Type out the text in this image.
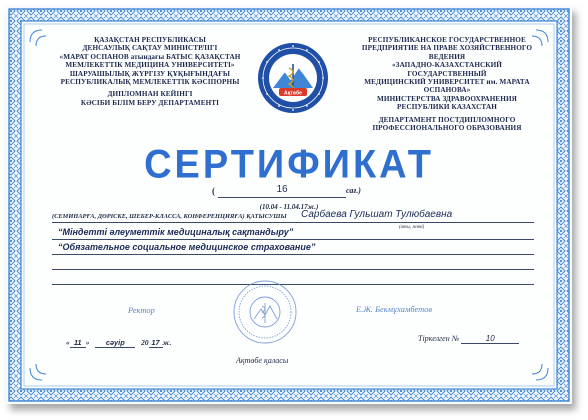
ҚАЗАҚСТАН РЕСПУБЛИКАСЫ
ДЕНСАУЛЫҚ САҚТАУ МИНИСТРЛІГІ
«МАРАТ ОСПАНОВ атындағы БАТЫС ҚАЗАҚСТАН
МЕМЛЕКЕТТІК МЕДИЦИНА УНИВЕРСИТЕТІ»
ШАРУАШЫЛЫҚ ЖҮРГІЗУ ҚҰҚЫҒЫНДАҒЫ
РЕСПУБЛИКАЛЫҚ МЕМЛЕКЕТТІК КӘСІПОРНЫ
ДИПЛОМНАН КЕЙІНГІ
КӘСІБИ БІЛІМ БЕРУ ДЕПАРТАМЕНТІ
Ақтөбе
РЕСПУБЛИКАНСКОЕ ГОСУДАРСТВЕННОЕ
ПРЕДПРИЯТИЕ НА ПРАВЕ ХОЗЯЙСТВЕННОГО ВЕДЕНИЯ
«ЗАПАДНО-КАЗАХСТАНСКИЙ ГОСУДАРСТВЕННЫЙ
МЕДИЦИНСКИЙ УНИВЕРСИТЕТ им. МАРАТА ОСПАНОВА»
МИНИСТЕРСТВА ЗДРАВООХРАНЕНИЯ
РЕСПУБЛИКИ КАЗАХСТАН
ДЕПАРТАМЕНТ ПОСТДИПЛОМНОГО
ПРОФЕССИОНАЛЬНОГО ОБРАЗОВАНИЯ
СЕРТИФИКАТ
(	16	сағ.)
(10.04 - 11.04.17ж.)
(СЕМИНАРҒА, ДӨРІСКЕ, ШЕБЕР-КЛАССА, КОНФЕРЕНЦИЯҒА) ҚАТЫСУШЫ Сарбаева Гульшат Тулюбаевна
(аты, жөні)
“Міндетті әлеуметтік медициналық сақтандыру”
“Обязательное социальное медицинское страхование”
Ректор	Е.Ж. Бекмұхамбетов
« 11 » сәуір 20 17 ж.	Тіркелген №	10
Ақтөбе қаласы
